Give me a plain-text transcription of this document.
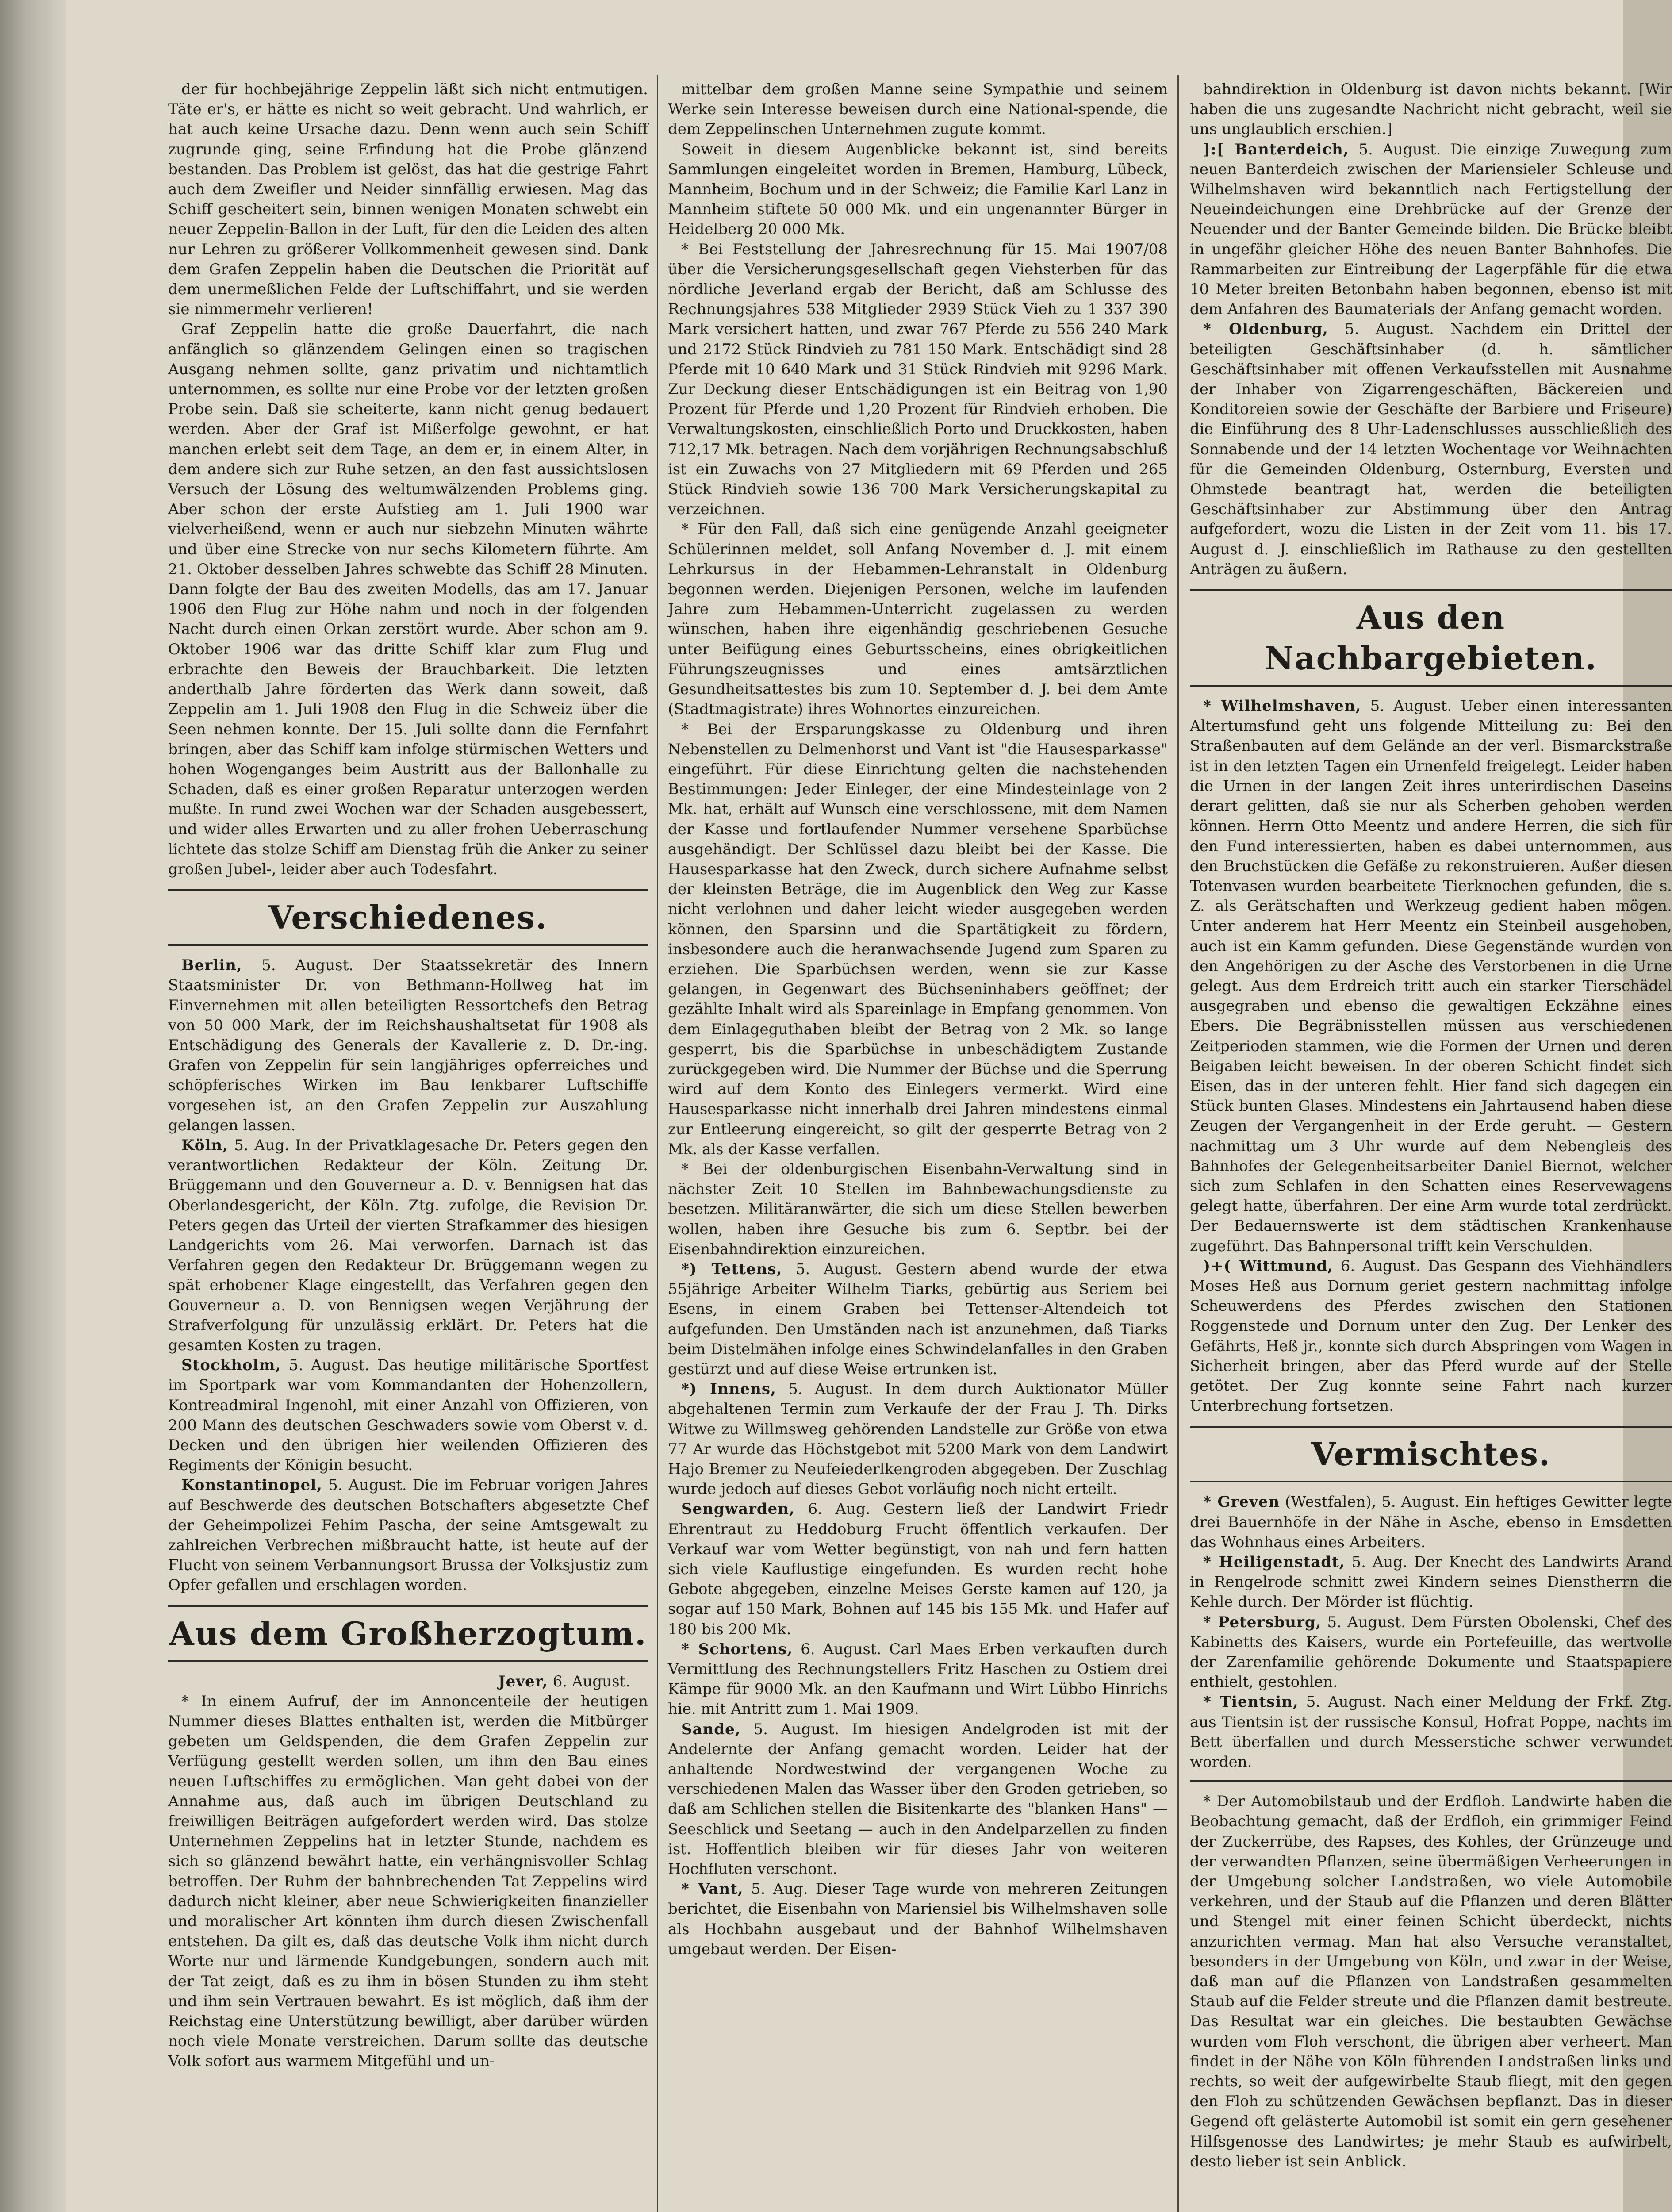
der für hochbejährige Zeppelin läßt sich nicht entmutigen. Täte er's, er hätte es nicht so weit gebracht. Und wahrlich, er hat auch keine Ursache dazu. Denn wenn auch sein Schiff zugrunde ging, seine Erfindung hat die Probe glänzend bestanden. Das Problem ist gelöst, das hat die gestrige Fahrt auch dem Zweifler und Neider sinnfällig erwiesen. Mag das Schiff gescheitert sein, binnen wenigen Monaten schwebt ein neuer Zeppelin-Ballon in der Luft, für den die Leiden des alten nur Lehren zu größerer Vollkommenheit gewesen sind. Dank dem Grafen Zeppelin haben die Deutschen die Priorität auf dem unermeßlichen Felde der Luftschiffahrt, und sie werden sie nimmermehr verlieren!

Graf Zeppelin hatte die große Dauerfahrt, die nach anfänglich so glänzendem Gelingen einen so tragischen Ausgang nehmen sollte, ganz privatim und nichtamtlich unternommen, es sollte nur eine Probe vor der letzten großen Probe sein. Daß sie scheiterte, kann nicht genug bedauert werden. Aber der Graf ist Mißerfolge gewohnt, er hat manchen erlebt seit dem Tage, an dem er, in einem Alter, in dem andere sich zur Ruhe setzen, an den fast aussichtslosen Versuch der Lösung des weltumwälzenden Problems ging. Aber schon der erste Aufstieg am 1. Juli 1900 war vielverheißend, wenn er auch nur siebzehn Minuten währte und über eine Strecke von nur sechs Kilometern führte. Am 21. Oktober desselben Jahres schwebte das Schiff 28 Minuten. Dann folgte der Bau des zweiten Modells, das am 17. Januar 1906 den Flug zur Höhe nahm und noch in der folgenden Nacht durch einen Orkan zerstört wurde. Aber schon am 9. Oktober 1906 war das dritte Schiff klar zum Flug und erbrachte den Beweis der Brauchbarkeit. Die letzten anderthalb Jahre förderten das Werk dann soweit, daß Zeppelin am 1. Juli 1908 den Flug in die Schweiz über die Seen nehmen konnte. Der 15. Juli sollte dann die Fernfahrt bringen, aber das Schiff kam infolge stürmischen Wetters und hohen Wogenganges beim Austritt aus der Ballonhalle zu Schaden, daß es einer großen Reparatur unterzogen werden mußte. In rund zwei Wochen war der Schaden ausgebessert, und wider alles Erwarten und zu aller frohen Ueberraschung lichtete das stolze Schiff am Dienstag früh die Anker zu seiner großen Jubel-, leider aber auch Todesfahrt.

Verschiedenes.

Berlin, 5. August. Der Staatssekretär des Innern Staatsminister Dr. von Bethmann-Hollweg hat im Einvernehmen mit allen beteiligten Ressortchefs den Betrag von 50 000 Mark, der im Reichshaushaltsetat für 1908 als Entschädigung des Generals der Kavallerie z. D. Dr.-ing. Grafen von Zeppelin für sein langjähriges opferreiches und schöpferisches Wirken im Bau lenkbarer Luftschiffe vorgesehen ist, an den Grafen Zeppelin zur Auszahlung gelangen lassen.

Köln, 5. Aug. In der Privatklagesache Dr. Peters gegen den verantwortlichen Redakteur der Köln. Zeitung Dr. Brüggemann und den Gouverneur a. D. v. Bennigsen hat das Oberlandesgericht, der Köln. Ztg. zufolge, die Revision Dr. Peters gegen das Urteil der vierten Strafkammer des hiesigen Landgerichts vom 26. Mai verworfen. Darnach ist das Verfahren gegen den Redakteur Dr. Brüggemann wegen zu spät erhobener Klage eingestellt, das Verfahren gegen den Gouverneur a. D. von Bennigsen wegen Verjährung der Strafverfolgung für unzulässig erklärt. Dr. Peters hat die gesamten Kosten zu tragen.

Stockholm, 5. August. Das heutige militärische Sportfest im Sportpark war vom Kommandanten der Hohenzollern, Kontreadmiral Ingenohl, mit einer Anzahl von Offizieren, von 200 Mann des deutschen Geschwaders sowie vom Oberst v. d. Decken und den übrigen hier weilenden Offizieren des Regiments der Königin besucht.

Konstantinopel, 5. August. Die im Februar vorigen Jahres auf Beschwerde des deutschen Botschafters abgesetzte Chef der Geheimpolizei Fehim Pascha, der seine Amtsgewalt zu zahlreichen Verbrechen mißbraucht hatte, ist heute auf der Flucht von seinem Verbannungsort Brussa der Volksjustiz zum Opfer gefallen und erschlagen worden.

Aus dem Großherzogtum.

Jever, 6. August.

* In einem Aufruf, der im Annoncenteile der heutigen Nummer dieses Blattes enthalten ist, werden die Mitbürger gebeten um Geldspenden, die dem Grafen Zeppelin zur Verfügung gestellt werden sollen, um ihm den Bau eines neuen Luftschiffes zu ermöglichen. Man geht dabei von der Annahme aus, daß auch im übrigen Deutschland zu freiwilligen Beiträgen aufgefordert werden wird. Das stolze Unternehmen Zeppelins hat in letzter Stunde, nachdem es sich so glänzend bewährt hatte, ein verhängnisvoller Schlag betroffen. Der Ruhm der bahnbrechenden Tat Zeppelins wird dadurch nicht kleiner, aber neue Schwierigkeiten finanzieller und moralischer Art könnten ihm durch diesen Zwischenfall entstehen. Da gilt es, daß das deutsche Volk ihm nicht durch Worte nur und lärmende Kundgebungen, sondern auch mit der Tat zeigt, daß es zu ihm in bösen Stunden zu ihm steht und ihm sein Vertrauen bewahrt. Es ist möglich, daß ihm der Reichstag eine Unterstützung bewilligt, aber darüber würden noch viele Monate verstreichen. Darum sollte das deutsche Volk sofort aus warmem Mitgefühl und un-

mittelbar dem großen Manne seine Sympathie und seinem Werke sein Interesse beweisen durch eine National-spende, die dem Zeppelinschen Unternehmen zugute kommt.

Soweit in diesem Augenblicke bekannt ist, sind bereits Sammlungen eingeleitet worden in Bremen, Hamburg, Lübeck, Mannheim, Bochum und in der Schweiz; die Familie Karl Lanz in Mannheim stiftete 50 000 Mk. und ein ungenannter Bürger in Heidelberg 20 000 Mk.

* Bei Feststellung der Jahresrechnung für 15. Mai 1907/08 über die Versicherungsgesellschaft gegen Viehsterben für das nördliche Jeverland ergab der Bericht, daß am Schlusse des Rechnungsjahres 538 Mitglieder 2939 Stück Vieh zu 1 337 390 Mark versichert hatten, und zwar 767 Pferde zu 556 240 Mark und 2172 Stück Rindvieh zu 781 150 Mark. Entschädigt sind 28 Pferde mit 10 640 Mark und 31 Stück Rindvieh mit 9296 Mark. Zur Deckung dieser Entschädigungen ist ein Beitrag von 1,90 Prozent für Pferde und 1,20 Prozent für Rindvieh erhoben. Die Verwaltungskosten, einschließlich Porto und Druckkosten, haben 712,17 Mk. betragen. Nach dem vorjährigen Rechnungsabschluß ist ein Zuwachs von 27 Mitgliedern mit 69 Pferden und 265 Stück Rindvieh sowie 136 700 Mark Versicherungskapital zu verzeichnen.

* Für den Fall, daß sich eine genügende Anzahl geeigneter Schülerinnen meldet, soll Anfang November d. J. mit einem Lehrkursus in der Hebammen-Lehranstalt in Oldenburg begonnen werden. Diejenigen Personen, welche im laufenden Jahre zum Hebammen-Unterricht zugelassen zu werden wünschen, haben ihre eigenhändig geschriebenen Gesuche unter Beifügung eines Geburtsscheins, eines obrigkeitlichen Führungszeugnisses und eines amtsärztlichen Gesundheitsattestes bis zum 10. September d. J. bei dem Amte (Stadtmagistrate) ihres Wohnortes einzureichen.

* Bei der Ersparungskasse zu Oldenburg und ihren Nebenstellen zu Delmenhorst und Vant ist "die Hausesparkasse" eingeführt. Für diese Einrichtung gelten die nachstehenden Bestimmungen: Jeder Einleger, der eine Mindesteinlage von 2 Mk. hat, erhält auf Wunsch eine verschlossene, mit dem Namen der Kasse und fortlaufender Nummer versehene Sparbüchse ausgehändigt. Der Schlüssel dazu bleibt bei der Kasse. Die Hausesparkasse hat den Zweck, durch sichere Aufnahme selbst der kleinsten Beträge, die im Augenblick den Weg zur Kasse nicht verlohnen und daher leicht wieder ausgegeben werden können, den Sparsinn und die Spartätigkeit zu fördern, insbesondere auch die heranwachsende Jugend zum Sparen zu erziehen. Die Sparbüchsen werden, wenn sie zur Kasse gelangen, in Gegenwart des Büchseninhabers geöffnet; der gezählte Inhalt wird als Spareinlage in Empfang genommen. Von dem Einlageguthaben bleibt der Betrag von 2 Mk. so lange gesperrt, bis die Sparbüchse in unbeschädigtem Zustande zurückgegeben wird. Die Nummer der Büchse und die Sperrung wird auf dem Konto des Einlegers vermerkt. Wird eine Hausesparkasse nicht innerhalb drei Jahren mindestens einmal zur Entleerung eingereicht, so gilt der gesperrte Betrag von 2 Mk. als der Kasse verfallen.

* Bei der oldenburgischen Eisenbahn-Verwaltung sind in nächster Zeit 10 Stellen im Bahnbewachungsdienste zu besetzen. Militäranwärter, die sich um diese Stellen bewerben wollen, haben ihre Gesuche bis zum 6. Septbr. bei der Eisenbahndirektion einzureichen.

*) Tettens, 5. August. Gestern abend wurde der etwa 55jährige Arbeiter Wilhelm Tiarks, gebürtig aus Seriem bei Esens, in einem Graben bei Tettenser-Altendeich tot aufgefunden. Den Umständen nach ist anzunehmen, daß Tiarks beim Distelmähen infolge eines Schwindelanfalles in den Graben gestürzt und auf diese Weise ertrunken ist.

*) Innens, 5. August. In dem durch Auktionator Müller abgehaltenen Termin zum Verkaufe der der Frau J. Th. Dirks Witwe zu Willmsweg gehörenden Landstelle zur Größe von etwa 77 Ar wurde das Höchstgebot mit 5200 Mark von dem Landwirt Hajo Bremer zu Neufeiederlkengroden abgegeben. Der Zuschlag wurde jedoch auf dieses Gebot vorläufig noch nicht erteilt.

Sengwarden, 6. Aug. Gestern ließ der Landwirt Friedr Ehrentraut zu Heddoburg Frucht öffentlich verkaufen. Der Verkauf war vom Wetter begünstigt, von nah und fern hatten sich viele Kauflustige eingefunden. Es wurden recht hohe Gebote abgegeben, einzelne Meises Gerste kamen auf 120, ja sogar auf 150 Mark, Bohnen auf 145 bis 155 Mk. und Hafer auf 180 bis 200 Mk.

* Schortens, 6. August. Carl Maes Erben verkauften durch Vermittlung des Rechnungstellers Fritz Haschen zu Ostiem drei Kämpe für 9000 Mk. an den Kaufmann und Wirt Lübbo Hinrichs hie. mit Antritt zum 1. Mai 1909.

Sande, 5. August. Im hiesigen Andelgroden ist mit der Andelernte der Anfang gemacht worden. Leider hat der anhaltende Nordwestwind der vergangenen Woche zu verschiedenen Malen das Wasser über den Groden getrieben, so daß am Schlichen stellen die Bisitenkarte des "blanken Hans" — Seeschlick und Seetang — auch in den Andelparzellen zu finden ist. Hoffentlich bleiben wir für dieses Jahr von weiteren Hochfluten verschont.

* Vant, 5. Aug. Dieser Tage wurde von mehreren Zeitungen berichtet, die Eisenbahn von Mariensiel bis Wilhelmshaven solle als Hochbahn ausgebaut und der Bahnhof Wilhelmshaven umgebaut werden. Der Eisen-

bahndirektion in Oldenburg ist davon nichts bekannt. [Wir haben die uns zugesandte Nachricht nicht gebracht, weil sie uns unglaublich erschien.]

]:[ Banterdeich, 5. August. Die einzige Zuwegung zum neuen Banterdeich zwischen der Mariensieler Schleuse und Wilhelmshaven wird bekanntlich nach Fertigstellung der Neueindeichungen eine Drehbrücke auf der Grenze der Neuender und der Banter Gemeinde bilden. Die Brücke bleibt in ungefähr gleicher Höhe des neuen Banter Bahnhofes. Die Rammarbeiten zur Eintreibung der Lagerpfähle für die etwa 10 Meter breiten Betonbahn haben begonnen, ebenso ist mit dem Anfahren des Baumaterials der Anfang gemacht worden.

* Oldenburg, 5. August. Nachdem ein Drittel der beteiligten Geschäftsinhaber (d. h. sämtlicher Geschäftsinhaber mit offenen Verkaufsstellen mit Ausnahme der Inhaber von Zigarrengeschäften, Bäckereien und Konditoreien sowie der Geschäfte der Barbiere und Friseure) die Einführung des 8 Uhr-Ladenschlusses ausschließlich des Sonnabende und der 14 letzten Wochentage vor Weihnachten für die Gemeinden Oldenburg, Osternburg, Eversten und Ohmstede beantragt hat, werden die beteiligten Geschäftsinhaber zur Abstimmung über den Antrag aufgefordert, wozu die Listen in der Zeit vom 11. bis 17. August d. J. einschließlich im Rathause zu den gestellten Anträgen zu äußern.

Aus den Nachbargebieten.

* Wilhelmshaven, 5. August. Ueber einen interessanten Altertumsfund geht uns folgende Mitteilung zu: Bei den Straßenbauten auf dem Gelände an der verl. Bismarckstraße ist in den letzten Tagen ein Urnenfeld freigelegt. Leider haben die Urnen in der langen Zeit ihres unterirdischen Daseins derart gelitten, daß sie nur als Scherben gehoben werden können. Herrn Otto Meentz und andere Herren, die sich für den Fund interessierten, haben es dabei unternommen, aus den Bruchstücken die Gefäße zu rekonstruieren. Außer diesen Totenvasen wurden bearbeitete Tierknochen gefunden, die s. Z. als Gerätschaften und Werkzeug gedient haben mögen. Unter anderem hat Herr Meentz ein Steinbeil ausgehoben, auch ist ein Kamm gefunden. Diese Gegenstände wurden von den Angehörigen zu der Asche des Verstorbenen in die Urne gelegt. Aus dem Erdreich tritt auch ein starker Tierschädel ausgegraben und ebenso die gewaltigen Eckzähne eines Ebers. Die Begräbnisstellen müssen aus verschiedenen Zeitperioden stammen, wie die Formen der Urnen und deren Beigaben leicht beweisen. In der oberen Schicht findet sich Eisen, das in der unteren fehlt. Hier fand sich dagegen ein Stück bunten Glases. Mindestens ein Jahrtausend haben diese Zeugen der Vergangenheit in der Erde geruht. — Gestern nachmittag um 3 Uhr wurde auf dem Nebengleis des Bahnhofes der Gelegenheitsarbeiter Daniel Biernot, welcher sich zum Schlafen in den Schatten eines Reservewagens gelegt hatte, überfahren. Der eine Arm wurde total zerdrückt. Der Bedauernswerte ist dem städtischen Krankenhause zugeführt. Das Bahnpersonal trifft kein Verschulden.

)+( Wittmund, 6. August. Das Gespann des Viehhändlers Moses Heß aus Dornum geriet gestern nachmittag infolge Scheuwerdens des Pferdes zwischen den Stationen Roggenstede und Dornum unter den Zug. Der Lenker des Gefährts, Heß jr., konnte sich durch Abspringen vom Wagen in Sicherheit bringen, aber das Pferd wurde auf der Stelle getötet. Der Zug konnte seine Fahrt nach kurzer Unterbrechung fortsetzen.

Vermischtes.

* Greven (Westfalen), 5. August. Ein heftiges Gewitter legte drei Bauernhöfe in der Nähe in Asche, ebenso in Emsdetten das Wohnhaus eines Arbeiters.

* Heiligenstadt, 5. Aug. Der Knecht des Landwirts Arand in Rengelrode schnitt zwei Kindern seines Dienstherrn die Kehle durch. Der Mörder ist flüchtig.

* Petersburg, 5. August. Dem Fürsten Obolenski, Chef des Kabinetts des Kaisers, wurde ein Portefeuille, das wertvolle der Zarenfamilie gehörende Dokumente und Staatspapiere enthielt, gestohlen.

* Tientsin, 5. August. Nach einer Meldung der Frkf. Ztg. aus Tientsin ist der russische Konsul, Hofrat Poppe, nachts im Bett überfallen und durch Messerstiche schwer verwundet worden.

* Der Automobilstaub und der Erdfloh. Landwirte haben die Beobachtung gemacht, daß der Erdfloh, ein grimmiger Feind der Zuckerrübe, des Rapses, des Kohles, der Grünzeuge und der verwandten Pflanzen, seine übermäßigen Verheerungen in der Umgebung solcher Landstraßen, wo viele Automobile verkehren, und der Staub auf die Pflanzen und deren Blätter und Stengel mit einer feinen Schicht überdeckt, nichts anzurichten vermag. Man hat also Versuche veranstaltet, besonders in der Umgebung von Köln, und zwar in der Weise, daß man auf die Pflanzen von Landstraßen gesammelten Staub auf die Felder streute und die Pflanzen damit bestreute. Das Resultat war ein gleiches. Die bestaubten Gewächse wurden vom Floh verschont, die übrigen aber verheert. Man findet in der Nähe von Köln führenden Landstraßen links und rechts, so weit der aufgewirbelte Staub fliegt, mit den gegen den Floh zu schützenden Gewächsen bepflanzt. Das in dieser Gegend oft gelästerte Automobil ist somit ein gern gesehener Hilfsgenosse des Landwirtes; je mehr Staub es aufwirbelt, desto lieber ist sein Anblick.
